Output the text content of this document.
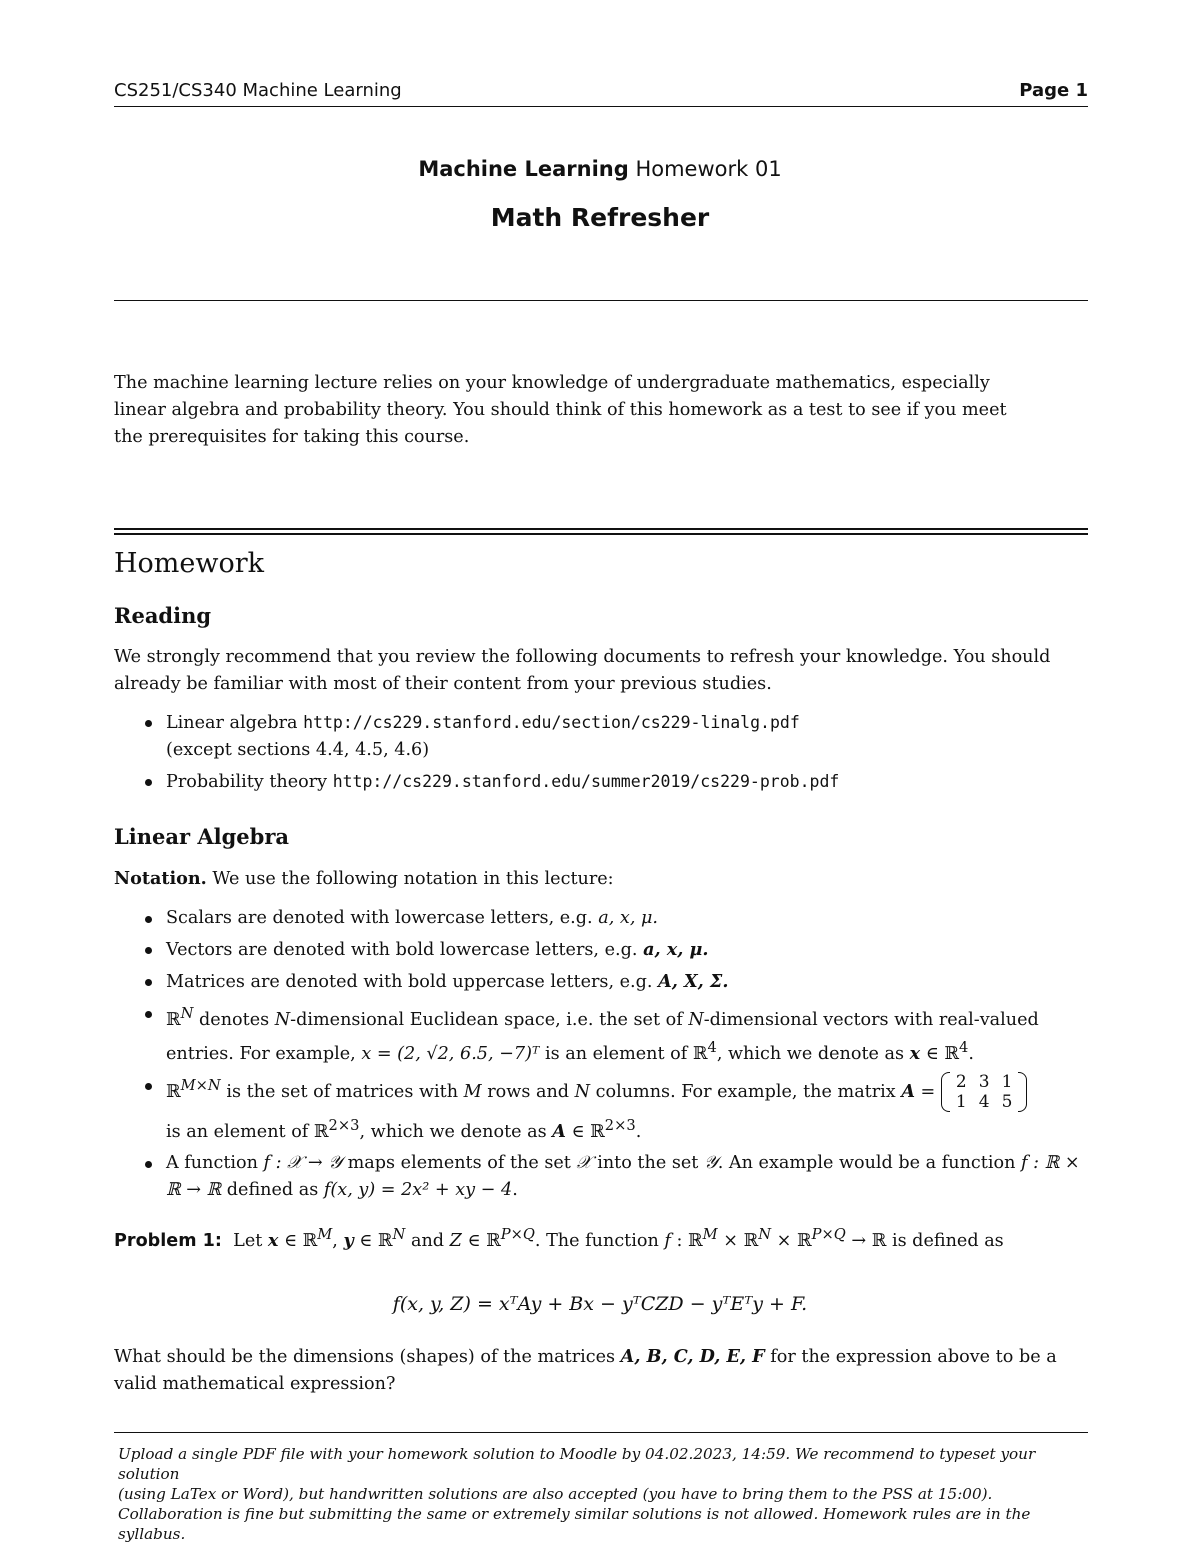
CS251/CS340 Machine Learning	Page 1
Machine Learning Homework 01
Math Refresher
The machine learning lecture relies on your knowledge of undergraduate mathematics, especially linear algebra and probability theory. You should think of this homework as a test to see if you meet the prerequisites for taking this course.
Homework
Reading
We strongly recommend that you review the following documents to refresh your knowledge. You should already be familiar with most of their content from your previous studies.
Linear algebra http://cs229.stanford.edu/section/cs229-linalg.pdf
(except sections 4.4, 4.5, 4.6)
Probability theory http://cs229.stanford.edu/summer2019/cs229-prob.pdf
Linear Algebra
Notation. We use the following notation in this lecture:
Scalars are denoted with lowercase letters, e.g. a, x, μ.
Vectors are denoted with bold lowercase letters, e.g. a, x, μ.
Matrices are denoted with bold uppercase letters, e.g. A, X, Σ.
ℝ$^N$ denotes N-dimensional Euclidean space, i.e. the set of N-dimensional vectors with real-valued entries. For example, x = (2, √2, 6.5, −7)ᵀ is an element of ℝ$^4$, which we denote as x ∈ ℝ$^4$.
ℝ$^{M\times N}$ is the set of matrices with M rows and N columns. For example, the matrix A = 2	3	1
1	4	5

is an element of ℝ$^{2\times 3}$, which we denote as A ∈ ℝ$^{2\times 3}$.
A function f : 𝒳 → 𝒴 maps elements of the set 𝒳 into the set 𝒴. An example would be a function f : ℝ × ℝ → ℝ defined as f(x, y) = 2x² + xy − 4.
Problem 1: Let x ∈ ℝ$^M$, y ∈ ℝ$^N$ and Z ∈ ℝ$^{P\times Q}$. The function f : ℝ$^M$ × ℝ$^N$ × ℝ$^{P\times Q}$ → ℝ is defined as
f(x, y, Z) = xᵀAy + Bx − yᵀCZD − yᵀEᵀy + F.
What should be the dimensions (shapes) of the matrices A, B, C, D, E, F for the expression above to be a valid mathematical expression?
Upload a single PDF file with your homework solution to Moodle by 04.02.2023, 14:59. We recommend to typeset your solution
(using LaTex or Word), but handwritten solutions are also accepted (you have to bring them to the PSS at 15:00).
Collaboration is fine but submitting the same or extremely similar solutions is not allowed. Homework rules are in the syllabus.
